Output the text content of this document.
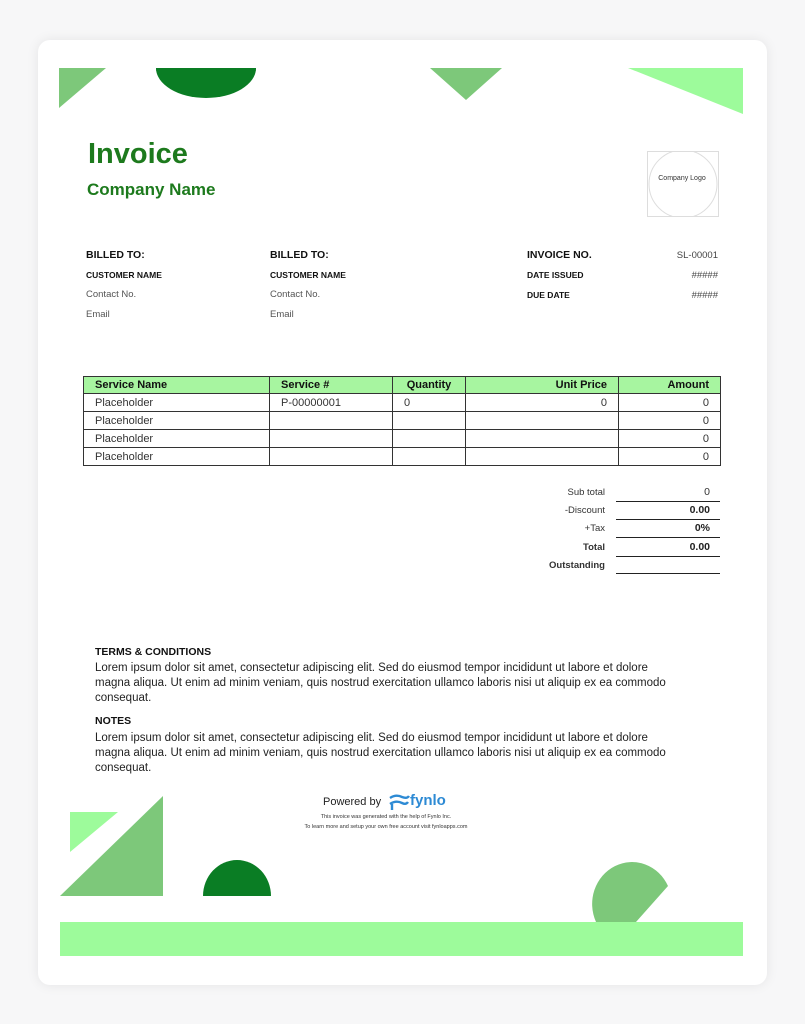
Invoice
Company Name
Company Logo
BILLED TO:
CUSTOMER NAME
Contact No.
Email
BILLED TO:
CUSTOMER NAME
Contact No.
Email
INVOICE NO.	SL-00001
DATE ISSUED	#####
DUE DATE	#####
Service Name	Service #	Quantity	Unit Price	Amount
Placeholder	P-00000001	0	0	0
Placeholder				0
Placeholder				0
Placeholder				0
Sub total	0
-Discount	0.00
+Tax	0%
Total	0.00
Outstanding
TERMS & CONDITIONS
Lorem ipsum dolor sit amet, consectetur adipiscing elit. Sed do eiusmod tempor incididunt ut labore et dolore magna aliqua. Ut enim ad minim veniam, quis nostrud exercitation ullamco laboris nisi ut aliquip ex ea commodo consequat.
NOTES
Lorem ipsum dolor sit amet, consectetur adipiscing elit. Sed do eiusmod tempor incididunt ut labore et dolore magna aliqua. Ut enim ad minim veniam, quis nostrud exercitation ullamco laboris nisi ut aliquip ex ea commodo consequat.
Powered by fynlo
This invoice was generated with the help of Fynlo Inc.
To learn more and setup your own free account visit fynloapps.com
